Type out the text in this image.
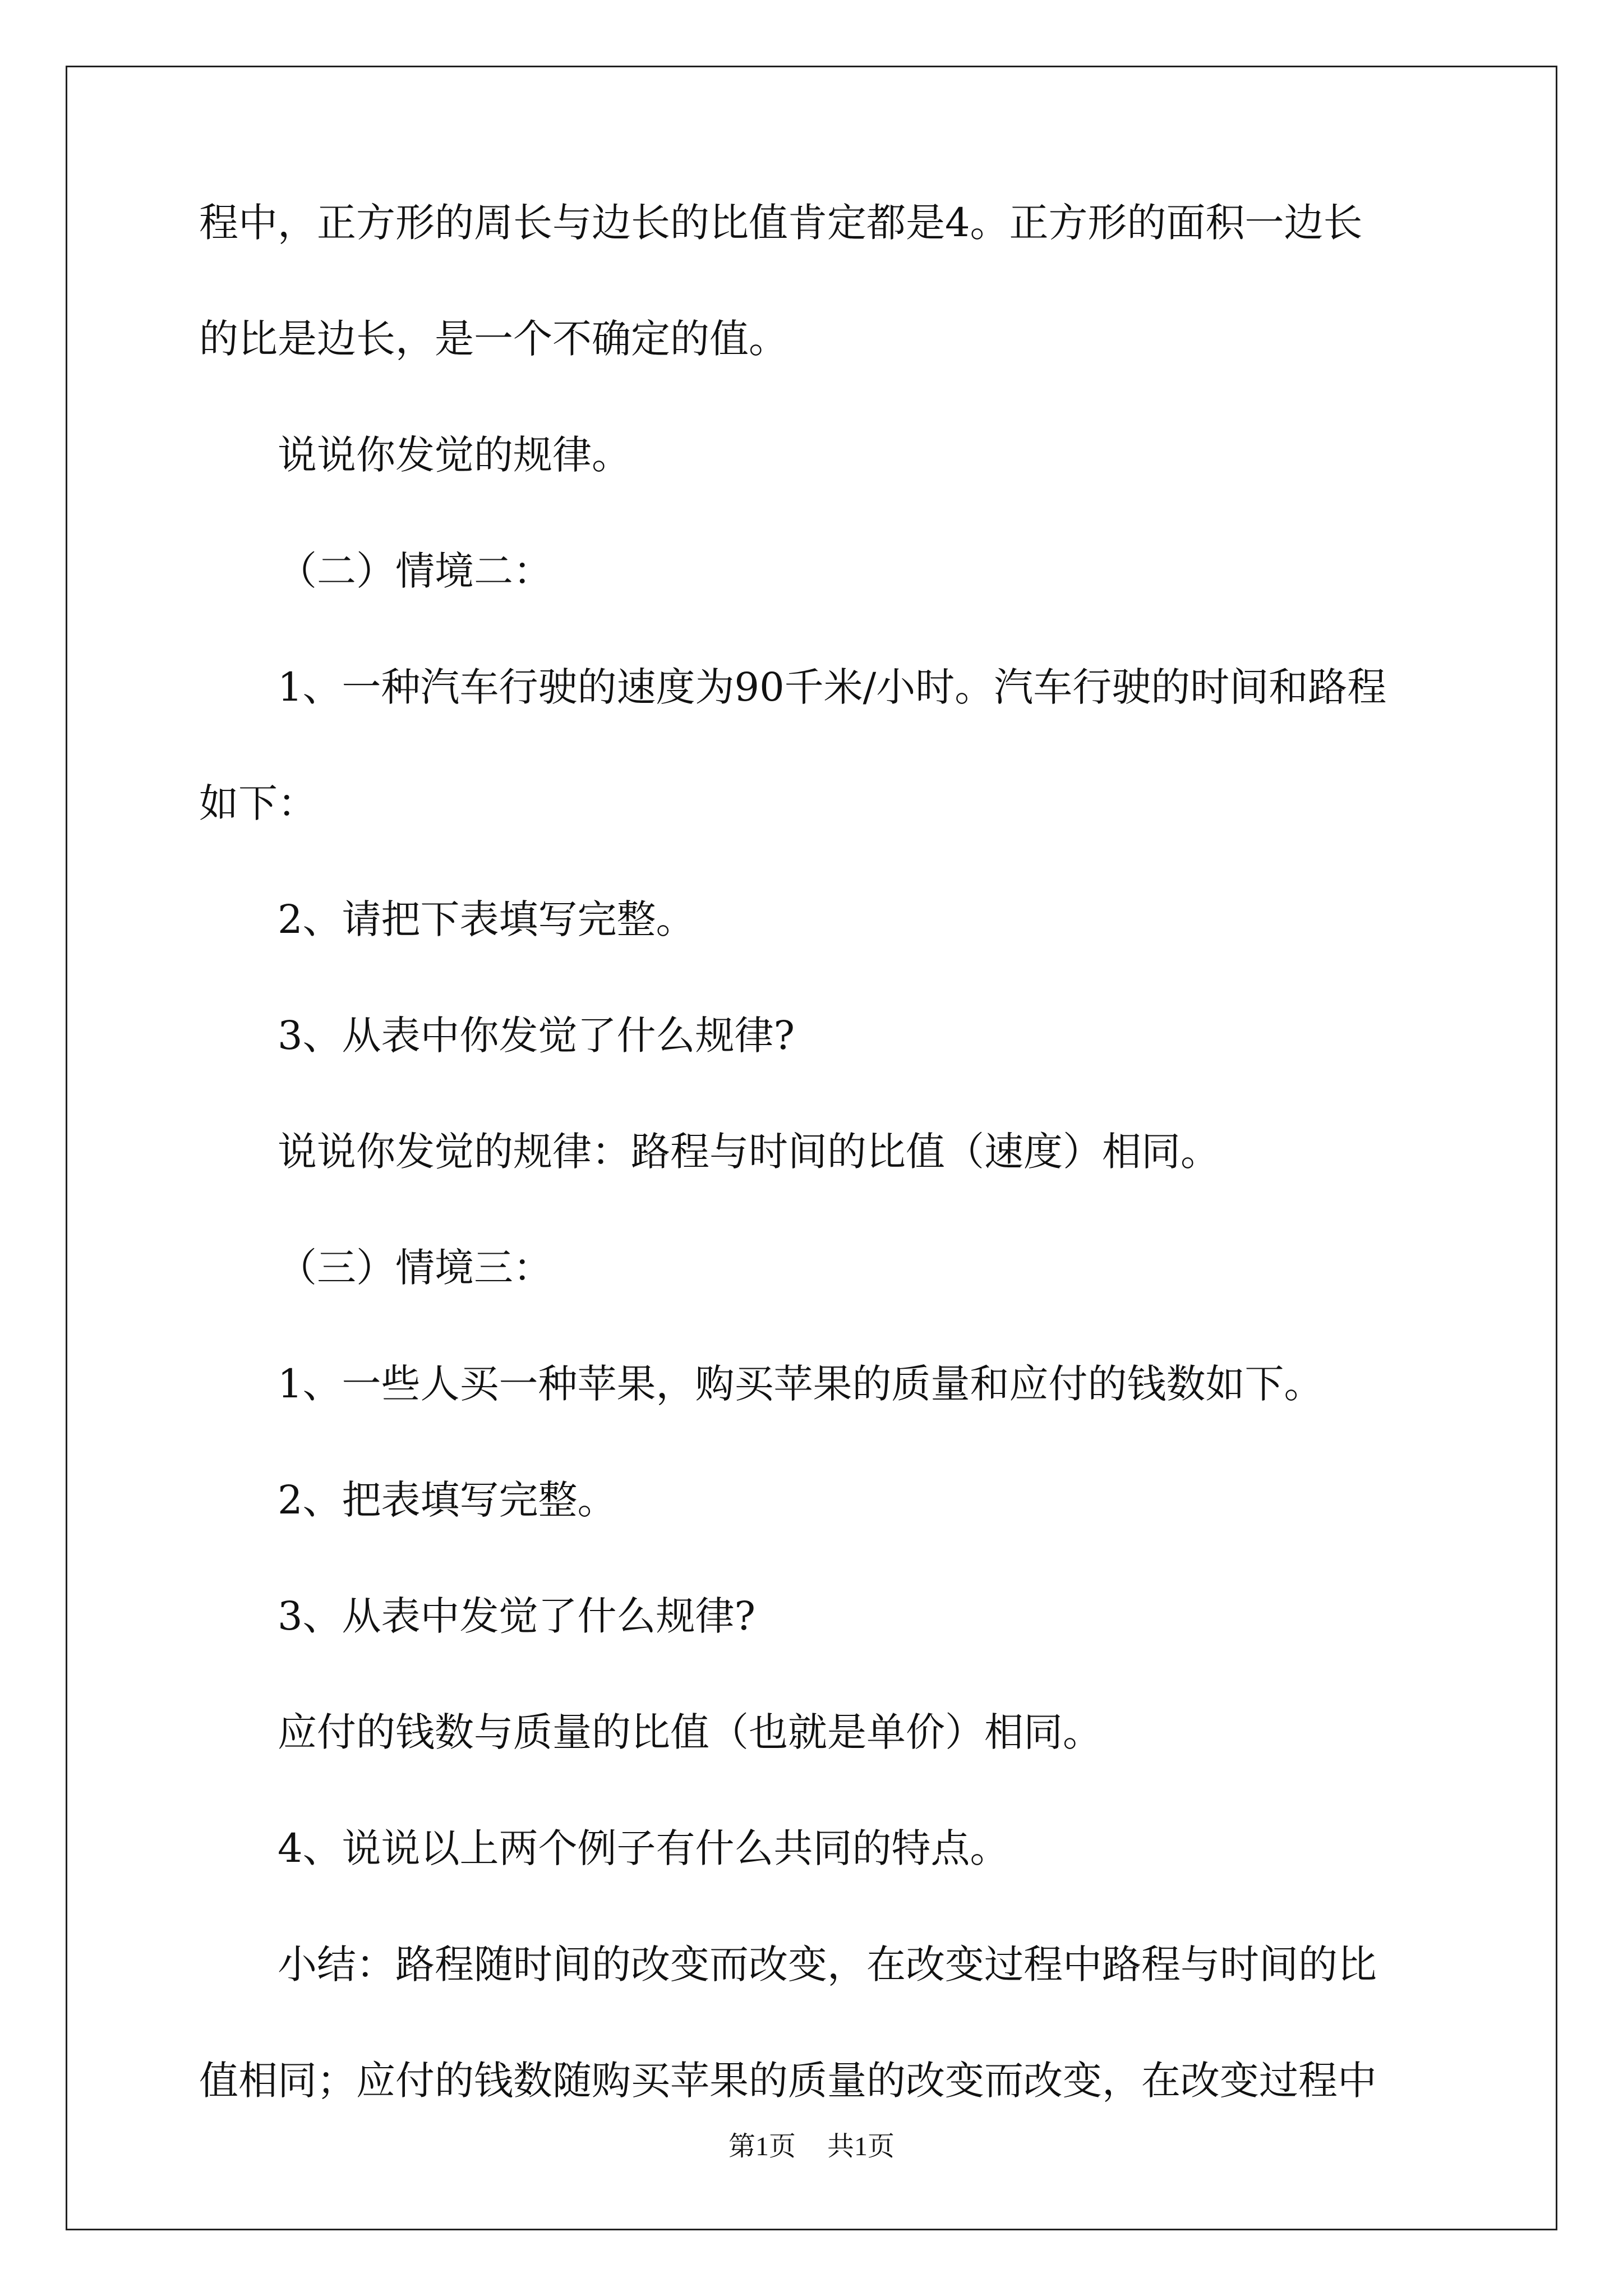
程中，正方形的周长与边长的比值肯定都是4。正方形的面积一边长
的比是边长，是一个不确定的值。
说说你发觉的规律。
（二）情境二：
1、一种汽车行驶的速度为90千米/小时。汽车行驶的时间和路程
如下：
2、请把下表填写完整。
3、从表中你发觉了什么规律?
说说你发觉的规律：路程与时间的比值（速度）相同。
（三）情境三：
1、一些人买一种苹果，购买苹果的质量和应付的钱数如下。
2、把表填写完整。
3、从表中发觉了什么规律?
应付的钱数与质量的比值（也就是单价）相同。
4、说说以上两个例子有什么共同的特点。
小结：路程随时间的改变而改变，在改变过程中路程与时间的比
值相同；应付的钱数随购买苹果的质量的改变而改变，在改变过程中
第1页 共1页
